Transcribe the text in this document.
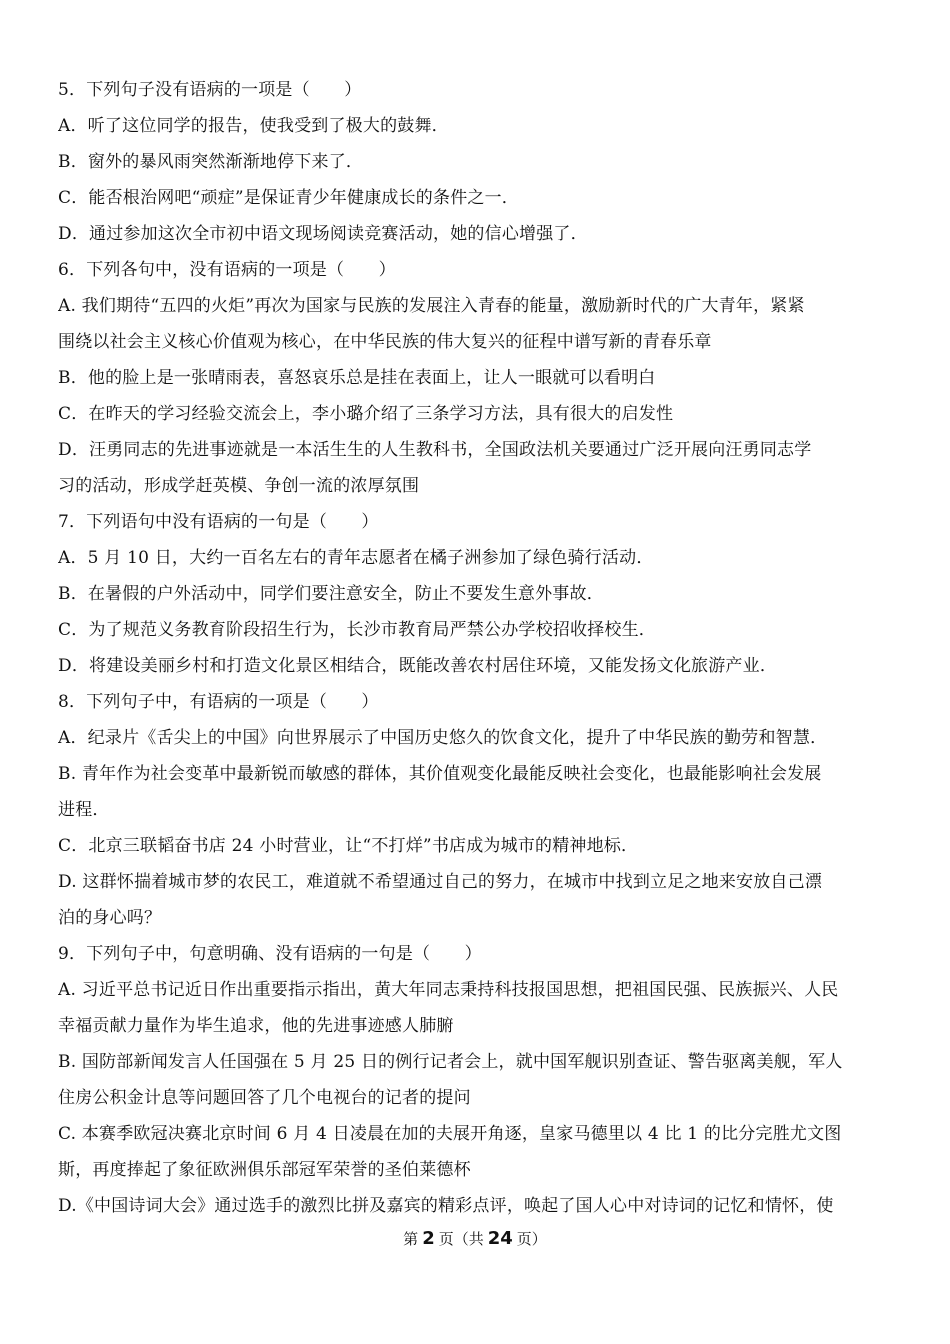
5．下列句子没有语病的一项是（　　）

A．听了这位同学的报告，使我受到了极大的鼓舞．

B．窗外的暴风雨突然渐渐地停下来了．

C．能否根治网吧“顽症”是保证青少年健康成长的条件之一．

D．通过参加这次全市初中语文现场阅读竞赛活动，她的信心增强了．

6．下列各句中，没有语病的一项是（　　）

A. 我们期待“五四的火炬”再次为国家与民族的发展注入青春的能量，激励新时代的广大青年，紧紧

围绕以社会主义核心价值观为核心，在中华民族的伟大复兴的征程中谱写新的青春乐章

B．他的脸上是一张晴雨表，喜怒哀乐总是挂在表面上，让人一眼就可以看明白

C．在昨天的学习经验交流会上，李小璐介绍了三条学习方法，具有很大的启发性

D．汪勇同志的先进事迹就是一本活生生的人生教科书，全国政法机关要通过广泛开展向汪勇同志学

习的活动，形成学赶英模、争创一流的浓厚氛围

7．下列语句中没有语病的一句是（　　）

A．5 月 10 日，大约一百名左右的青年志愿者在橘子洲参加了绿色骑行活动．

B．在暑假的户外活动中，同学们要注意安全，防止不要发生意外事故．

C．为了规范义务教育阶段招生行为，长沙市教育局严禁公办学校招收择校生．

D．将建设美丽乡村和打造文化景区相结合，既能改善农村居住环境，又能发扬文化旅游产业．

8．下列句子中，有语病的一项是（　　）

A．纪录片《舌尖上的中国》向世界展示了中国历史悠久的饮食文化，提升了中华民族的勤劳和智慧．

B. 青年作为社会变革中最新锐而敏感的群体，其价值观变化最能反映社会变化，也最能影响社会发展

进程．

C．北京三联韬奋书店 24 小时营业，让“不打烊”书店成为城市的精神地标．

D. 这群怀揣着城市梦的农民工，难道就不希望通过自己的努力，在城市中找到立足之地来安放自己漂

泊的身心吗？

9．下列句子中，句意明确、没有语病的一句是（　　）

A. 习近平总书记近日作出重要指示指出，黄大年同志秉持科技报国思想，把祖国民强、民族振兴、人民

幸福贡献力量作为毕生追求，他的先进事迹感人肺腑

B. 国防部新闻发言人任国强在 5 月 25 日的例行记者会上，就中国军舰识别查证、警告驱离美舰，军人

住房公积金计息等问题回答了几个电视台的记者的提问

C. 本赛季欧冠决赛北京时间 6 月 4 日凌晨在加的夫展开角逐，皇家马德里以 4 比 1 的比分完胜尤文图

斯，再度捧起了象征欧洲俱乐部冠军荣誉的圣伯莱德杯

D.《中国诗词大会》通过选手的激烈比拼及嘉宾的精彩点评，唤起了国人心中对诗词的记忆和情怀，使

第 2 页（共 24 页）
